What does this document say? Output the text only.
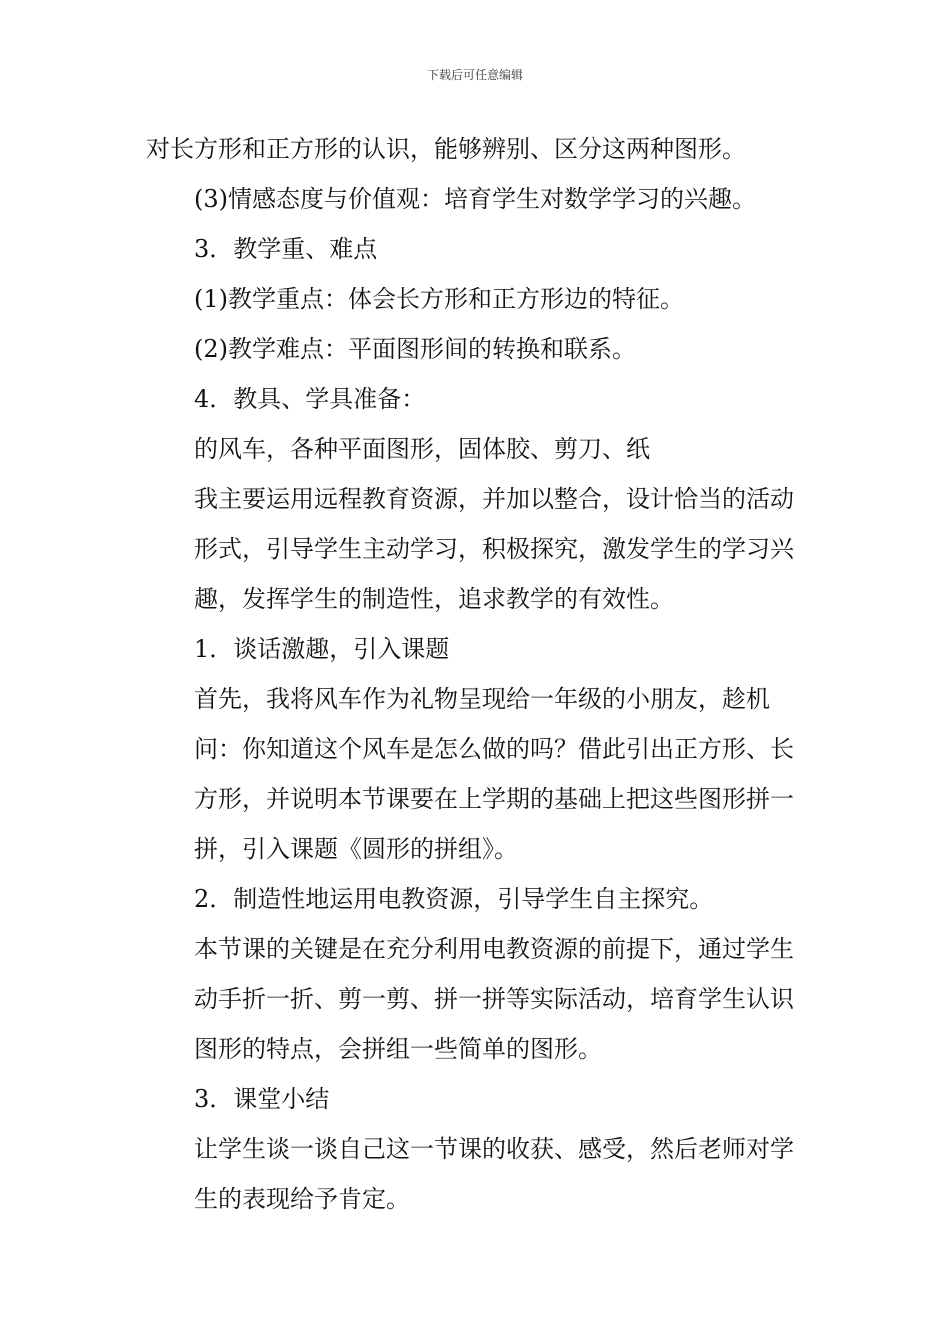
下载后可任意编辑

对长方形和正方形的认识，能够辨别、区分这两种图形。

(3)情感态度与价值观：培育学生对数学学习的兴趣。

3．教学重、难点

(1)教学重点：体会长方形和正方形边的特征。

(2)教学难点：平面图形间的转换和联系。

4．教具、学具准备：

的风车，各种平面图形，固体胶、剪刀、纸

我主要运用远程教育资源，并加以整合，设计恰当的活动形式，引导学生主动学习，积极探究，激发学生的学习兴趣，发挥学生的制造性，追求教学的有效性。

1．谈话激趣，引入课题

首先，我将风车作为礼物呈现给一年级的小朋友，趁机问：你知道这个风车是怎么做的吗？借此引出正方形、长方形，并说明本节课要在上学期的基础上把这些图形拼一拼，引入课题《圆形的拼组》。

2．制造性地运用电教资源，引导学生自主探究。

本节课的关键是在充分利用电教资源的前提下，通过学生动手折一折、剪一剪、拼一拼等实际活动，培育学生认识图形的特点，会拼组一些简单的图形。

3．课堂小结

让学生谈一谈自己这一节课的收获、感受，然后老师对学生的表现给予肯定。
